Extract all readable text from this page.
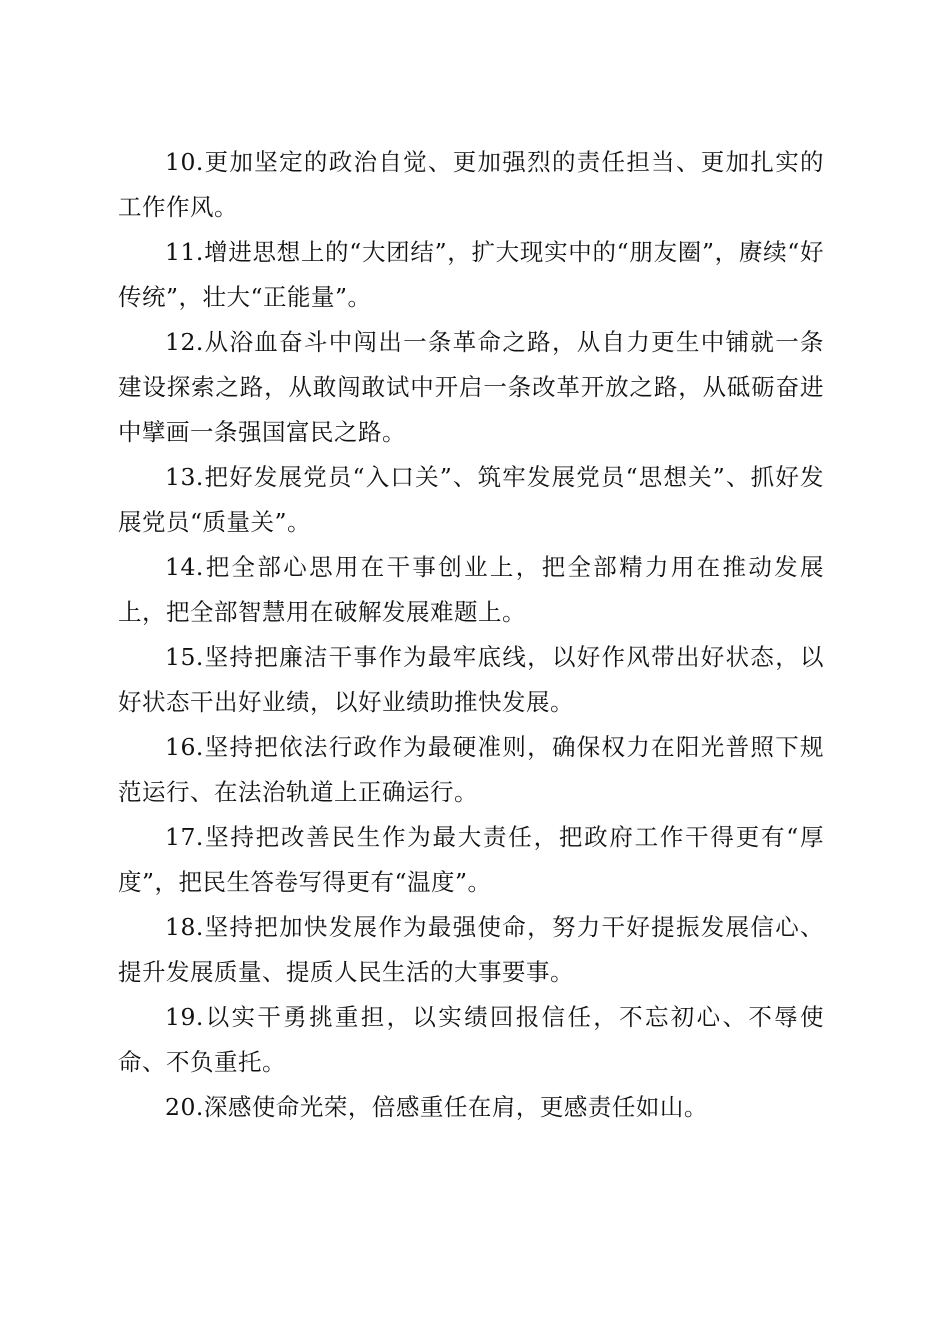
10.更加坚定的政治自觉、更加强烈的责任担当、更加扎实的工作作风。

11.增进思想上的“大团结”，扩大现实中的“朋友圈”，赓续“好传统”，壮大“正能量”。

12.从浴血奋斗中闯出一条革命之路，从自力更生中铺就一条建设探索之路，从敢闯敢试中开启一条改革开放之路，从砥砺奋进中擘画一条强国富民之路。

13.把好发展党员“入口关”、筑牢发展党员“思想关”、抓好发展党员“质量关”。

14.把全部心思用在干事创业上，把全部精力用在推动发展上，把全部智慧用在破解发展难题上。

15.坚持把廉洁干事作为最牢底线，以好作风带出好状态，以好状态干出好业绩，以好业绩助推快发展。

16.坚持把依法行政作为最硬准则，确保权力在阳光普照下规范运行、在法治轨道上正确运行。

17.坚持把改善民生作为最大责任，把政府工作干得更有“厚度”，把民生答卷写得更有“温度”。

18.坚持把加快发展作为最强使命，努力干好提振发展信心、提升发展质量、提质人民生活的大事要事。

19.以实干勇挑重担，以实绩回报信任，不忘初心、不辱使命、不负重托。

20.深感使命光荣，倍感重任在肩，更感责任如山。
